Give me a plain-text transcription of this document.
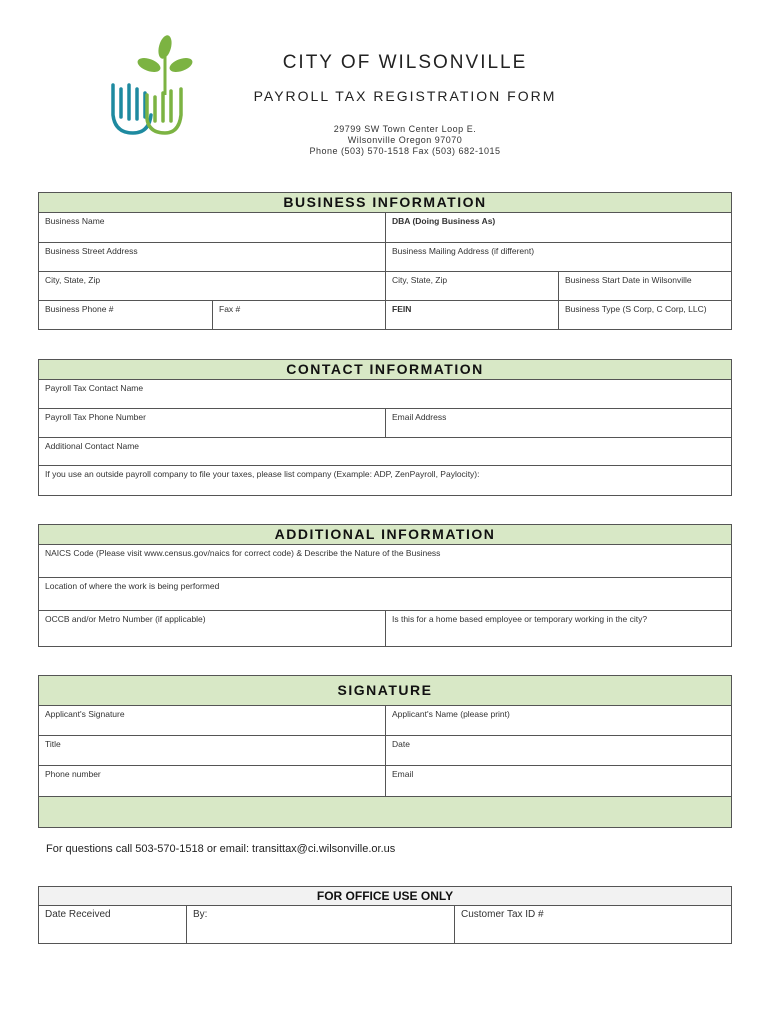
CITY OF WILSONVILLE
PAYROLL TAX REGISTRATION FORM
29799 SW Town Center Loop E.
Wilsonville Oregon 97070
Phone (503) 570-1518 Fax (503) 682-1015
BUSINESS INFORMATION
Business Name	DBA (Doing Business As)
Business Street Address	Business Mailing Address (if different)
City, State, Zip	City, State, Zip	Business Start Date in Wilsonville
Business Phone #	Fax #	FEIN	Business Type (S Corp, C Corp, LLC)
CONTACT INFORMATION
Payroll Tax Contact Name
Payroll Tax Phone Number	Email Address
Additional Contact Name
If you use an outside payroll company to file your taxes, please list company (Example: ADP, ZenPayroll, Paylocity):
ADDITIONAL INFORMATION
NAICS Code (Please visit www.census.gov/naics for correct code) & Describe the Nature of the Business
Location of where the work is being performed
OCCB and/or Metro Number (if applicable)	Is this for a home based employee or temporary working in the city?
SIGNATURE
Applicant's Signature	Applicant's Name (please print)
Title	Date
Phone number	Email
For questions call 503-570-1518 or email: transittax@ci.wilsonville.or.us
FOR OFFICE USE ONLY
Date Received	By:	Customer Tax ID #
